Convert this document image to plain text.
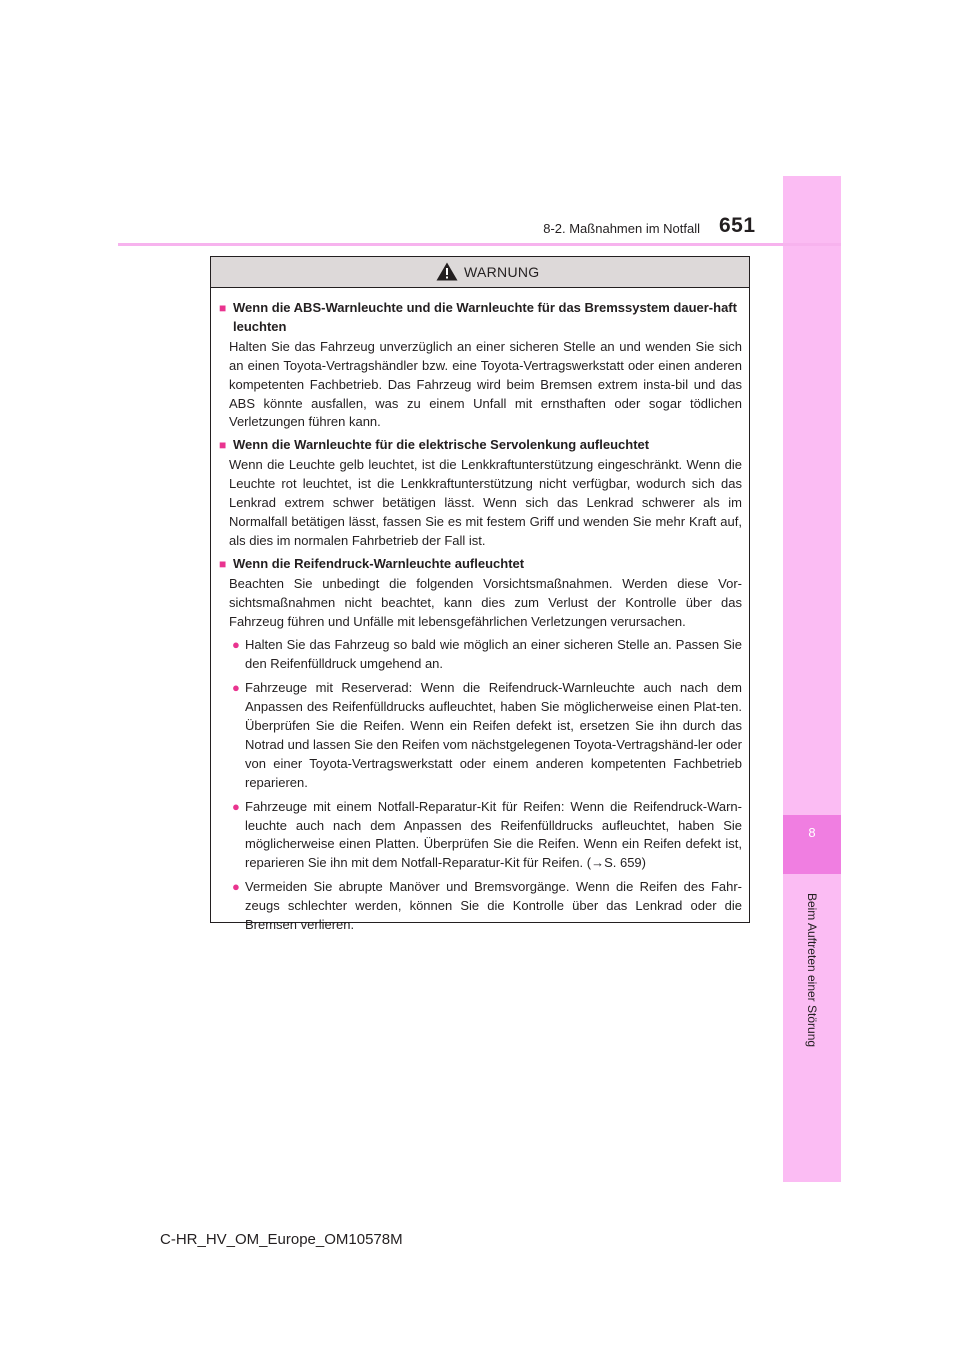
8
Beim Auftreten einer Störung
8-2. Maßnahmen im Notfall 651
WARNUNG
■ Wenn die ABS-Warnleuchte und die Warnleuchte für das Bremssystem dauer-haft leuchten
Halten Sie das Fahrzeug unverzüglich an einer sicheren Stelle an und wenden Sie sich an einen Toyota-Vertragshändler bzw. eine Toyota-Vertragswerkstatt oder einen anderen kompetenten Fachbetrieb. Das Fahrzeug wird beim Bremsen extrem insta-bil und das ABS könnte ausfallen, was zu einem Unfall mit ernsthaften oder sogar tödlichen Verletzungen führen kann.
■ Wenn die Warnleuchte für die elektrische Servolenkung aufleuchtet
Wenn die Leuchte gelb leuchtet, ist die Lenkkraftunterstützung eingeschränkt. Wenn die Leuchte rot leuchtet, ist die Lenkkraftunterstützung nicht verfügbar, wodurch sich das Lenkrad extrem schwer betätigen lässt. Wenn sich das Lenkrad schwerer als im Normalfall betätigen lässt, fassen Sie es mit festem Griff und wenden Sie mehr Kraft auf, als dies im normalen Fahrbetrieb der Fall ist.
■ Wenn die Reifendruck-Warnleuchte aufleuchtet
Beachten Sie unbedingt die folgenden Vorsichtsmaßnahmen. Werden diese Vor-sichtsmaßnahmen nicht beachtet, kann dies zum Verlust der Kontrolle über das Fahrzeug führen und Unfälle mit lebensgefährlichen Verletzungen verursachen.
● Halten Sie das Fahrzeug so bald wie möglich an einer sicheren Stelle an. Passen Sie den Reifenfülldruck umgehend an.
● Fahrzeuge mit Reserverad: Wenn die Reifendruck-Warnleuchte auch nach dem Anpassen des Reifenfülldrucks aufleuchtet, haben Sie möglicherweise einen Plat-ten. Überprüfen Sie die Reifen. Wenn ein Reifen defekt ist, ersetzen Sie ihn durch das Notrad und lassen Sie den Reifen vom nächstgelegenen Toyota-Vertragshänd-ler oder von einer Toyota-Vertragswerkstatt oder einem anderen kompetenten Fachbetrieb reparieren.
● Fahrzeuge mit einem Notfall-Reparatur-Kit für Reifen: Wenn die Reifendruck-Warn-leuchte auch nach dem Anpassen des Reifenfülldrucks aufleuchtet, haben Sie möglicherweise einen Platten. Überprüfen Sie die Reifen. Wenn ein Reifen defekt ist, reparieren Sie ihn mit dem Notfall-Reparatur-Kit für Reifen. (→S. 659)
● Vermeiden Sie abrupte Manöver und Bremsvorgänge. Wenn die Reifen des Fahr-zeugs schlechter werden, können Sie die Kontrolle über das Lenkrad oder die Bremsen verlieren.
C-HR_HV_OM_Europe_OM10578M
